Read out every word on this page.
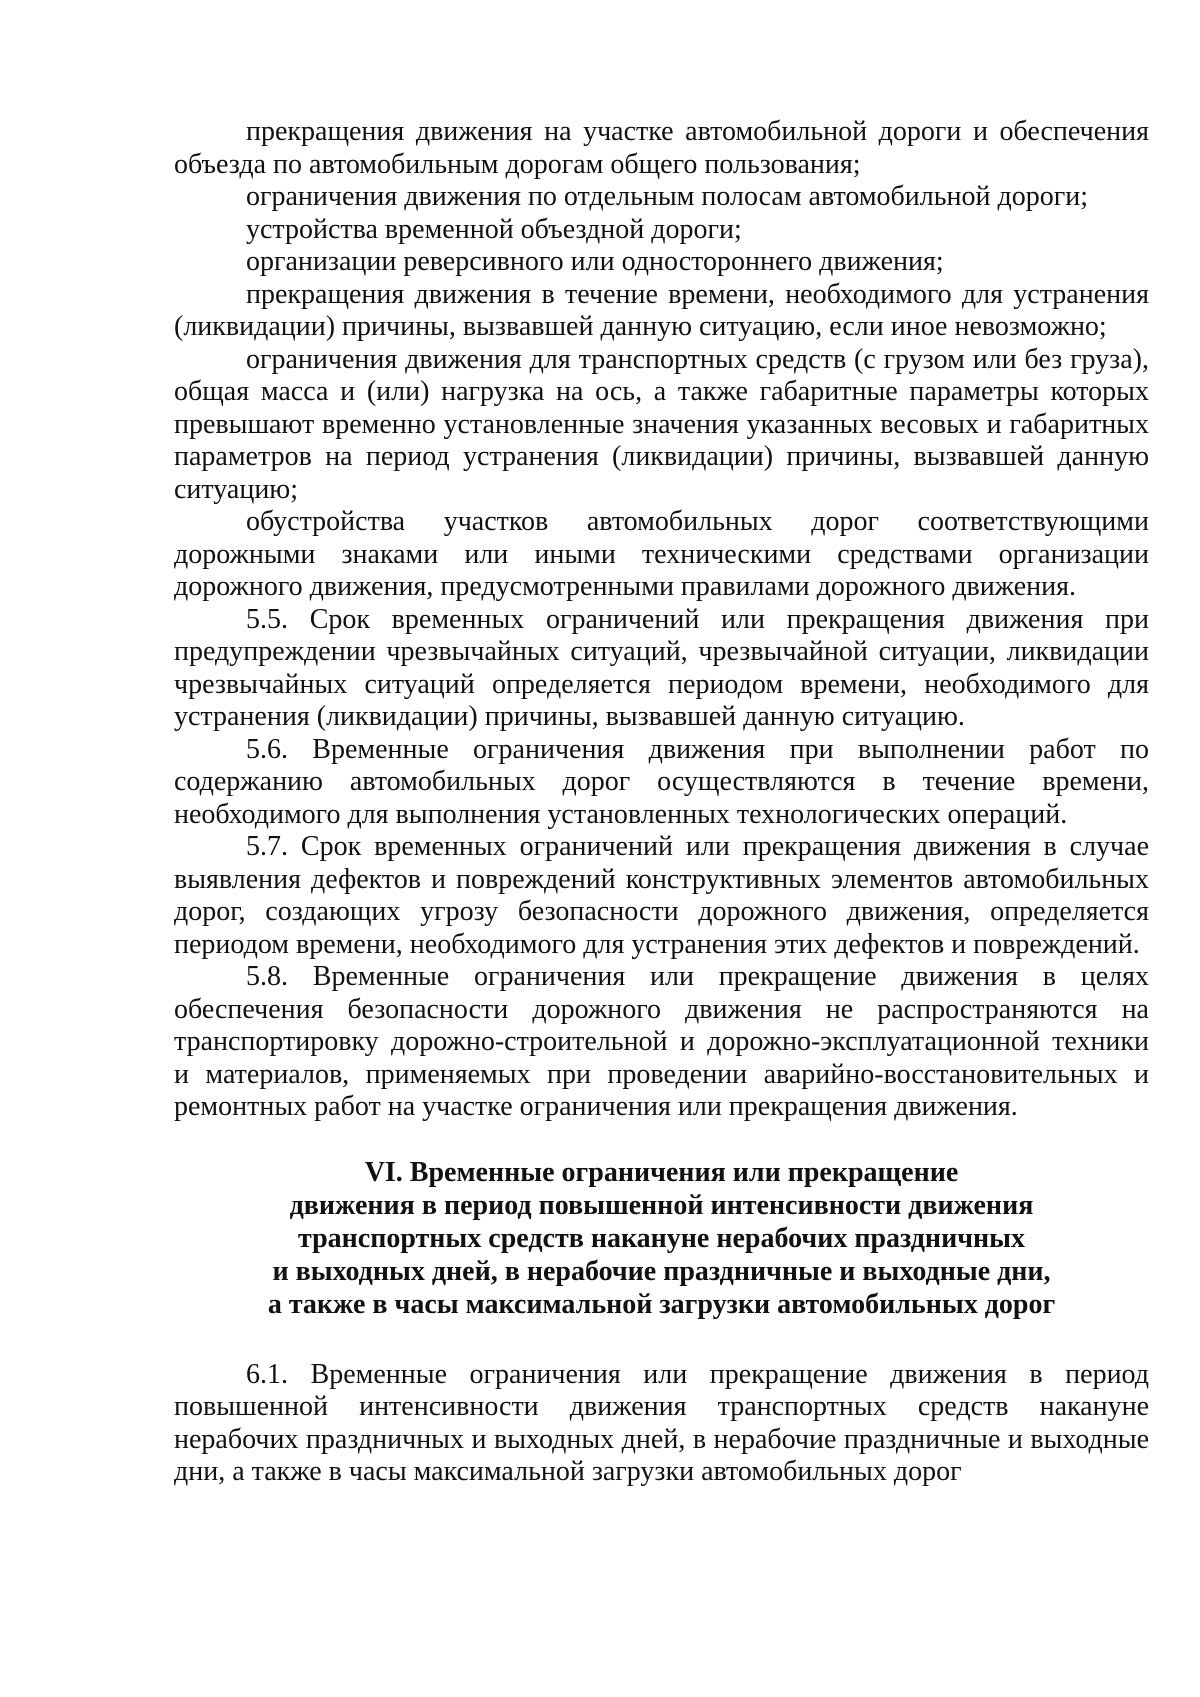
прекращения движения на участке автомобильной дороги и обеспечения объезда по автомобильным дорогам общего пользования;

ограничения движения по отдельным полосам автомобильной дороги;

устройства временной объездной дороги;

организации реверсивного или одностороннего движения;

прекращения движения в течение времени, необходимого для устранения (ликвидации) причины, вызвавшей данную ситуацию, если иное невозможно;

ограничения движения для транспортных средств (с грузом или без груза), общая масса и (или) нагрузка на ось, а также габаритные параметры которых превышают временно установленные значения указанных весовых и габаритных параметров на период устранения (ликвидации) причины, вызвавшей данную ситуацию;

обустройства участков автомобильных дорог соответствующими дорожными знаками или иными техническими средствами организации дорожного движения, предусмотренными правилами дорожного движения.

5.5. Срок временных ограничений или прекращения движения при предупреждении чрезвычайных ситуаций, чрезвычайной ситуации, ликвидации чрезвычайных ситуаций определяется периодом времени, необходимого для устранения (ликвидации) причины, вызвавшей данную ситуацию.

5.6. Временные ограничения движения при выполнении работ по содержанию автомобильных дорог осуществляются в течение времени, необходимого для выполнения установленных технологических операций.

5.7. Срок временных ограничений или прекращения движения в случае выявления дефектов и повреждений конструктивных элементов автомобильных дорог, создающих угрозу безопасности дорожного движения, определяется периодом времени, необходимого для устранения этих дефектов и повреждений.

5.8. Временные ограничения или прекращение движения в целях обеспечения безопасности дорожного движения не распространяются на транспортировку дорожно-строительной и дорожно-эксплуатационной техники и материалов, применяемых при проведении аварийно-восстановительных и ремонтных работ на участке ограничения или прекращения движения.

VI. Временные ограничения или прекращение
движения в период повышенной интенсивности движения
транспортных средств накануне нерабочих праздничных
и выходных дней, в нерабочие праздничные и выходные дни,
а также в часы максимальной загрузки автомобильных дорог

6.1. Временные ограничения или прекращение движения в период повышенной интенсивности движения транспортных средств накануне нерабочих праздничных и выходных дней, в нерабочие праздничные и выходные дни, а также в часы максимальной загрузки автомобильных дорог
